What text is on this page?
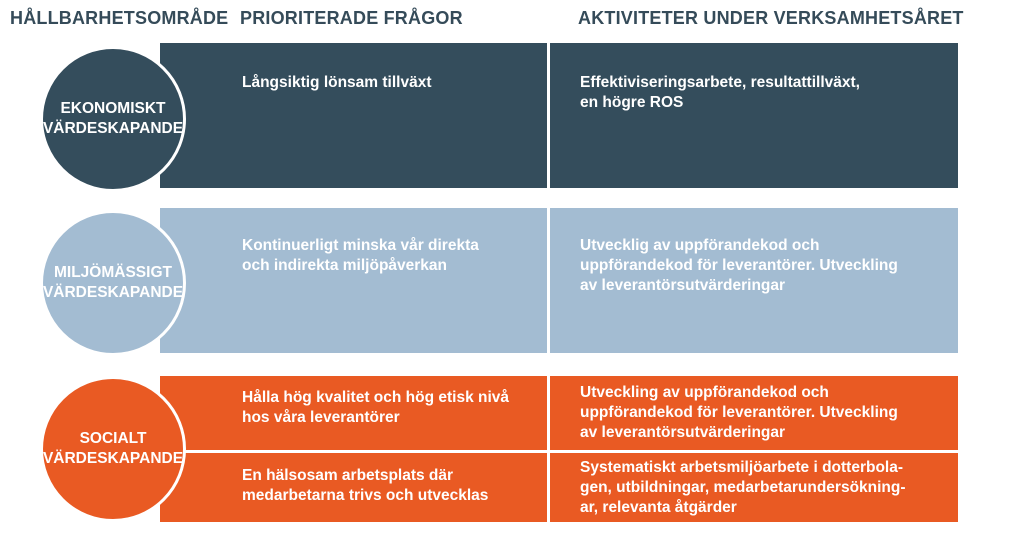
HÅLLBARHETSOMRÅDE PRIORITERADE FRÅGOR	AKTIVITETER UNDER VERKSAMHETSÅRET
Långsiktig lönsam tillväxt	Effektiviseringsarbete, resultattillväxt,
en högre ROS
Kontinuerligt minska vår direkta
och indirekta miljöpåverkan
Utvecklig av uppförandekod och
uppförandekod för leverantörer. Utveckling
av leverantörsutvärderingar
Hålla hög kvalitet och hög etisk nivå
hos våra leverantörer
Utveckling av uppförandekod och
uppförandekod för leverantörer. Utveckling
av leverantörsutvärderingar
En hälsosam arbetsplats där
medarbetarna trivs och utvecklas
Systematiskt arbetsmiljöarbete i dotterbola-
gen, utbildningar, medarbetarundersökning-
ar, relevanta åtgärder
EKONOMISKT
VÄRDESKAPANDE
MILJÖMÄSSIGT
VÄRDESKAPANDE
SOCIALT
VÄRDESKAPANDE
